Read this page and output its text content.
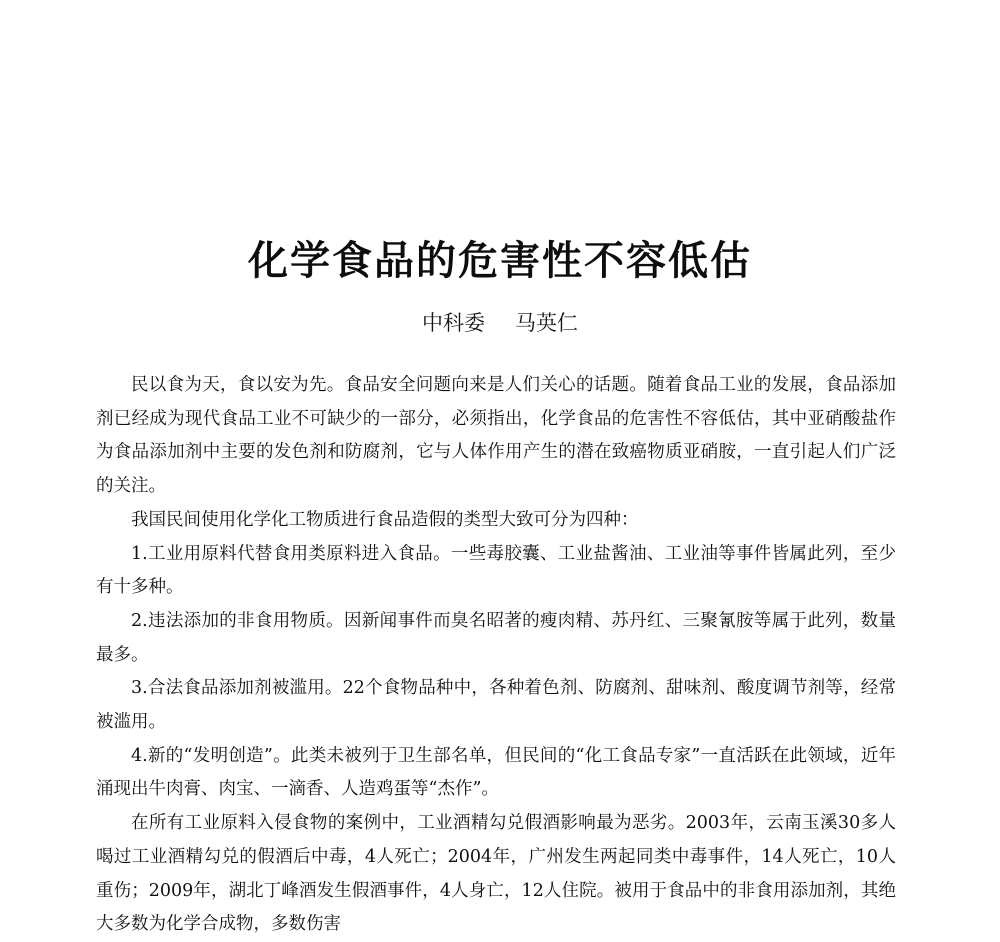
化学食品的危害性不容低估
中科委 马英仁

民以食为天，食以安为先。食品安全问题向来是人们关心的话题。随着食品工业的发展，食品添加剂已经成为现代食品工业不可缺少的一部分，必须指出，化学食品的危害性不容低估，其中亚硝酸盐作为食品添加剂中主要的发色剂和防腐剂，它与人体作用产生的潜在致癌物质亚硝胺，一直引起人们广泛的关注。

我国民间使用化学化工物质进行食品造假的类型大致可分为四种：

1.工业用原料代替食用类原料进入食品。一些毒胶囊、工业盐酱油、工业油等事件皆属此列，至少有十多种。

2.违法添加的非食用物质。因新闻事件而臭名昭著的瘦肉精、苏丹红、三聚氰胺等属于此列，数量最多。

3.合法食品添加剂被滥用。22个食物品种中，各种着色剂、防腐剂、甜味剂、酸度调节剂等，经常被滥用。

4.新的“发明创造”。此类未被列于卫生部名单，但民间的“化工食品专家”一直活跃在此领域，近年涌现出牛肉膏、肉宝、一滴香、人造鸡蛋等“杰作”。

在所有工业原料入侵食物的案例中，工业酒精勾兑假酒影响最为恶劣。2003年，云南玉溪30多人喝过工业酒精勾兑的假酒后中毒，4人死亡；2004年，广州发生两起同类中毒事件，14人死亡，10人重伤；2009年，湖北丁峰酒发生假酒事件，4人身亡，12人住院。被用于食品中的非食用添加剂，其绝大多数为化学合成物，多数伤害
